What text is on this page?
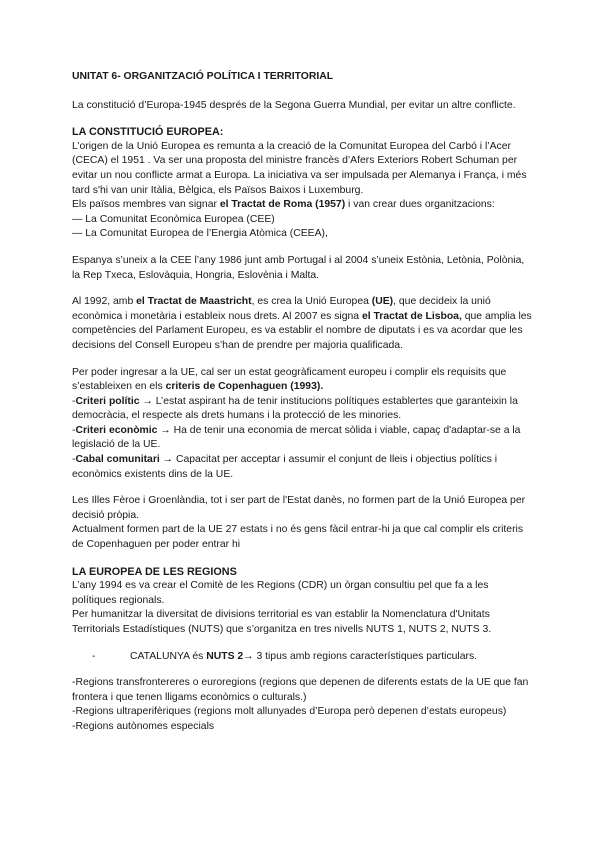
UNITAT 6- ORGANITZACIÓ POLÍTICA I TERRITORIAL

La constitució d’Europa-1945 després de la Segona Guerra Mundial, per evitar un altre conflicte.

LA CONSTITUCIÓ EUROPEA:

L’origen de la Unió Europea es remunta a la creació de la Comunitat Europea del Carbó i l’Acer (CECA) el 1951 . Va ser una proposta del ministre francès d’Afers Exteriors Robert Schuman per evitar un nou conflicte armat a Europa. La iniciativa va ser impulsada per Alemanya i França, i més tard s'hi van unir Itàlia, Bèlgica, els Països Baixos i Luxemburg.

Els països membres van signar el Tractat de Roma (1957) i van crear dues organitzacions:

— La Comunitat Econòmica Europea (CEE)

— La Comunitat Europea de l’Energia Atòmica (CEEA),

Espanya s’uneix a la CEE l’any 1986 junt amb Portugal i al 2004 s’uneix Estònia, Letònia, Polònia, la Rep Txeca, Eslovàquia, Hongria, Eslovènia i Malta.

Al 1992, amb el Tractat de Maastricht, es crea la Unió Europea (UE), que decideix la unió econòmica i monetària i estableix nous drets. Al 2007 es signa el Tractat de Lisboa, que amplia les competències del Parlament Europeu, es va establir el nombre de diputats i es va acordar que les decisions del Consell Europeu s’han de prendre per majoria qualificada.

Per poder ingresar a la UE, cal ser un estat geogràficament europeu i complir els requisits que s’estableixen en els criteris de Copenhaguen (1993).

-Criteri polític → L’estat aspirant ha de tenir institucions polítiques establertes que garanteixin la democràcia, el respecte als drets humans i la protecció de les minories.

-Criteri econòmic → Ha de tenir una economia de mercat sòlida i viable, capaç d'adaptar-se a la legislació de la UE.

-Cabal comunitari → Capacitat per acceptar i assumir el conjunt de lleis i objectius polítics i econòmics existents dins de la UE.

Les Illes Fèroe i Groenlàndia, tot i ser part de l'Estat danès, no formen part de la Unió Europea per decisió pròpia.

Actualment formen part de la UE 27 estats i no és gens fàcil entrar-hi ja que cal complir els criteris de Copenhaguen per poder entrar hi

LA EUROPEA DE LES REGIONS

L’any 1994 es va crear el Comitè de les Regions (CDR) un òrgan consultiu pel que fa a les polítiques regionals.

Per humanitzar la diversitat de divisions territorial es van establir la Nomenclatura d'Unitats Territorials Estadístiques (NUTS) que s’organitza en tres nivells NUTS 1, NUTS 2, NUTS 3.

-	CATALUNYA és NUTS 2→ 3 tipus amb regions característiques particulars.

-Regions transfrontereres o euroregions (regions que depenen de diferents estats de la UE que fan frontera i que tenen lligams econòmics o culturals.)

-Regions ultraperifèriques (regions molt allunyades d’Europa però depenen d’estats europeus)

-Regions autònomes especials
